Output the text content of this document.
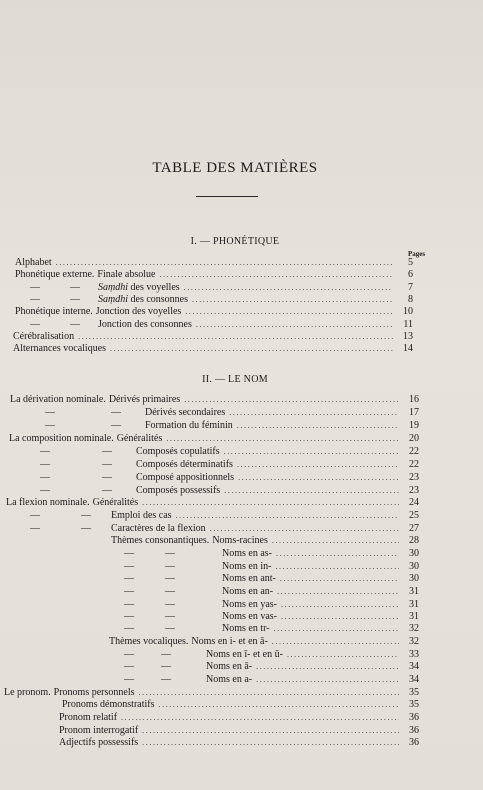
TABLE DES MATIÈRES
I. — PHONÉTIQUE
Pages
Alphabet .....	5
Phonétique externe. Finale absolue .....	6
—	—	Saṃdhi des voyelles .....	7
—	—	Saṃdhi des consonnes .....	8
Phonétique interne. Jonction des voyelles .....	10
—	—	Jonction des consonnes .....	11
Cérébralisation .....	13
Alternances vocaliques .....	14
II. — LE NOM
La dérivation nominale. Dérivés primaires .....	16
—	—	Dérivés secondaires .....	17
—	—	Formation du féminin .....	19
La composition nominale. Généralités .....	20
—	—	Composés copulatifs .....	22
—	—	Composés déterminatifs .....	22
—	—	Composé appositionnels .....	23
—	—	Composés possessifs .....	23
La flexion nominale. Généralités .....	24
—	—	Emploi des cas .....	25
—	—	Caractères de la flexion .....	27
Thèmes consonantiques. Noms-racines .....	28
—	—	Noms en as- .....	30
—	—	Noms en in- .....	30
—	—	Noms en ant- .....	30
—	—	Noms en an- .....	31
—	—	Noms en yas- .....	31
—	—	Noms en vas- .....	31
—	—	Noms en tr- .....	32
Thèmes vocaliques. Noms en i- et en ā- .....	32
—	—	Noms en ī- et en ū- .....	33
—	—	Noms en ā- .....	34
—	—	Noms en a- .....	34
Le pronom. Pronoms personnels .....	35
Pronoms démonstratifs .....	35
Pronom relatif .....	36
Pronom interrogatif .....	36
Adjectifs possessifs .....	36
